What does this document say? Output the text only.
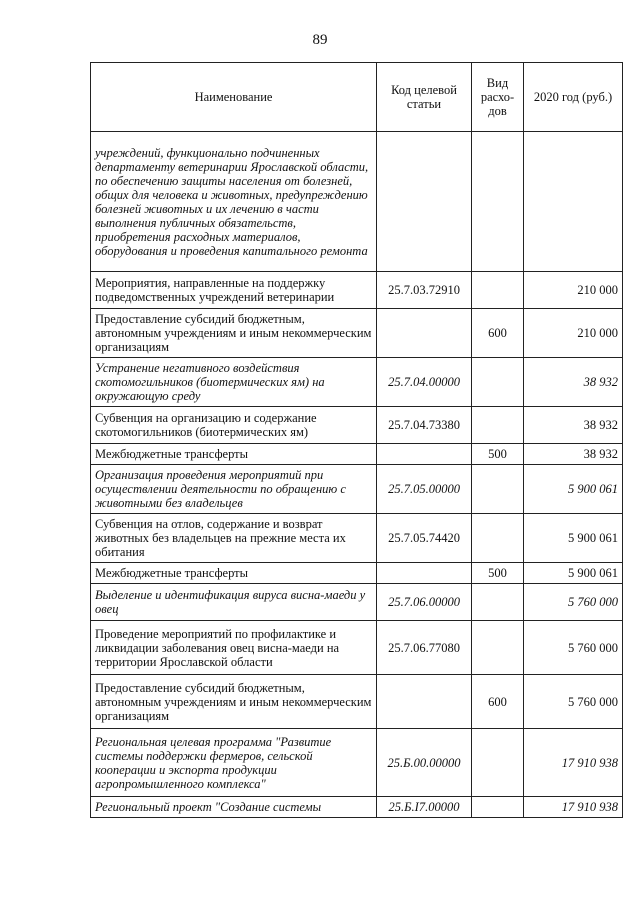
89
Наименование	Код целевой статьи	Вид расхо-дов	2020 год (руб.)
учреждений, функционально подчиненных департаменту ветеринарии Ярославской области, по обеспечению защиты населения от болезней, общих для человека и животных, предупреждению болезней животных и их лечению в части выполнения публичных обязательств, приобретения расходных материалов, оборудования и проведения капитального ремонта			
Мероприятия, направленные на поддержку подведомственных учреждений ветеринарии	25.7.03.72910		210 000
Предоставление субсидий бюджетным, автономным учреждениям и иным некоммерческим организациям		600	210 000
Устранение негативного воздействия скотомогильников (биотермических ям) на окружающую среду	25.7.04.00000		38 932
Субвенция на организацию и содержание скотомогильников (биотермических ям)	25.7.04.73380		38 932
Межбюджетные трансферты		500	38 932
Организация проведения мероприятий при осуществлении деятельности по обращению с животными без владельцев	25.7.05.00000		5 900 061
Субвенция на отлов, содержание и возврат животных без владельцев на прежние места их обитания	25.7.05.74420		5 900 061
Межбюджетные трансферты		500	5 900 061
Выделение и идентификация вируса висна-маеди у овец	25.7.06.00000		5 760 000
Проведение мероприятий по профилактике и ликвидации заболевания овец висна-маеди на территории Ярославской области	25.7.06.77080		5 760 000
Предоставление субсидий бюджетным, автономным учреждениям и иным некоммерческим организациям		600	5 760 000
Региональная целевая программа "Развитие системы поддержки фермеров, сельской кооперации и экспорта продукции агропромышленного комплекса"	25.Б.00.00000		17 910 938
Региональный проект "Создание системы	25.Б.I7.00000		17 910 938
